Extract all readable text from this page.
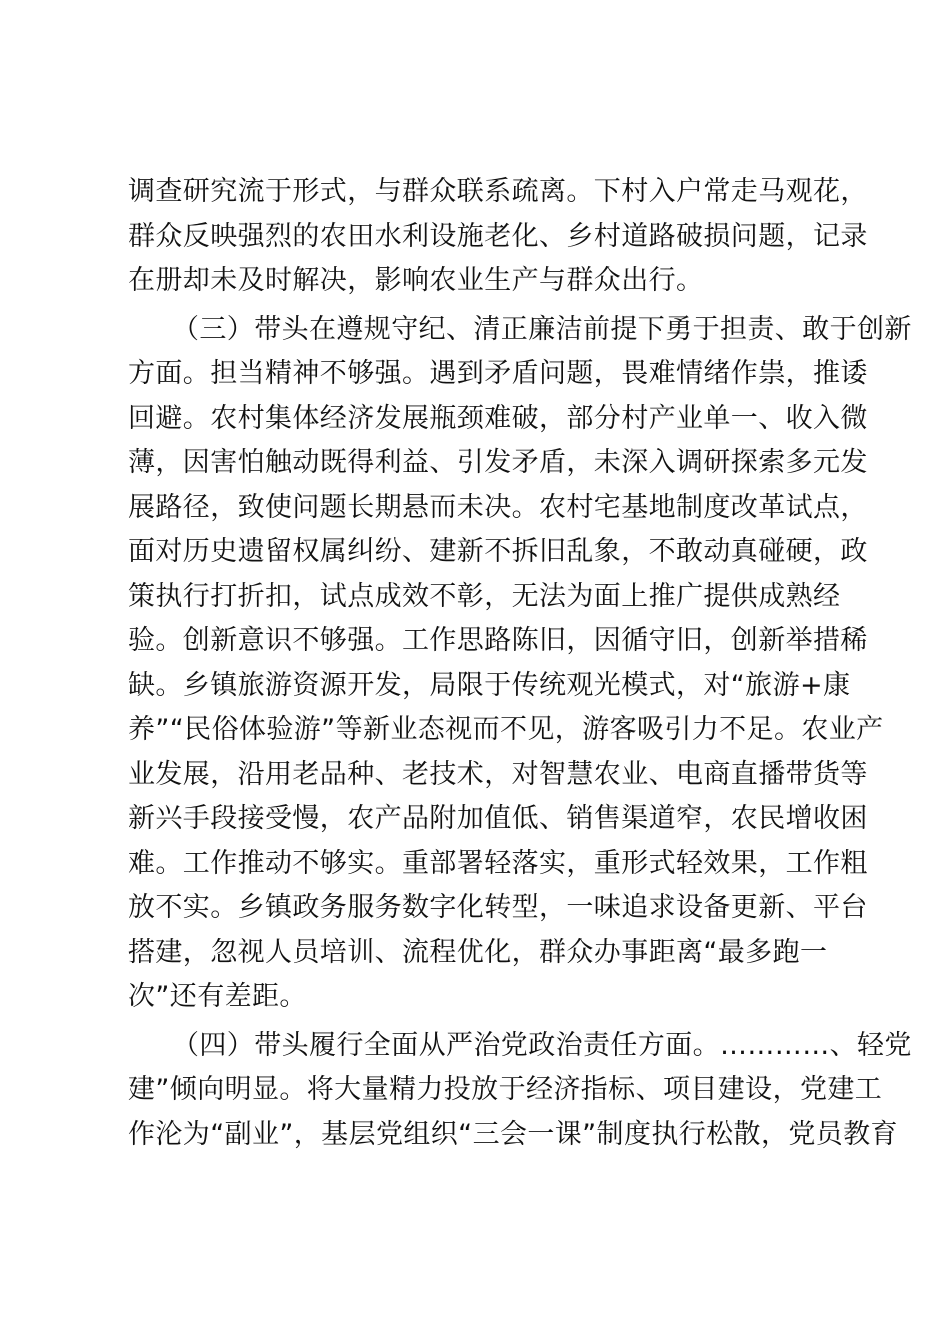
调查研究流于形式，与群众联系疏离。下村入户常走马观花，
群众反映强烈的农田水利设施老化、乡村道路破损问题，记录
在册却未及时解决，影响农业生产与群众出行。
（三）带头在遵规守纪、清正廉洁前提下勇于担责、敢于创新
方面。担当精神不够强。遇到矛盾问题，畏难情绪作祟，推诿
回避。农村集体经济发展瓶颈难破，部分村产业单一、收入微
薄，因害怕触动既得利益、引发矛盾，未深入调研探索多元发
展路径，致使问题长期悬而未决。农村宅基地制度改革试点，
面对历史遗留权属纠纷、建新不拆旧乱象，不敢动真碰硬，政
策执行打折扣，试点成效不彰，无法为面上推广提供成熟经
验。创新意识不够强。工作思路陈旧，因循守旧，创新举措稀
缺。乡镇旅游资源开发，局限于传统观光模式，对“旅游+康
养”“民俗体验游”等新业态视而不见，游客吸引力不足。农业产
业发展，沿用老品种、老技术，对智慧农业、电商直播带货等
新兴手段接受慢，农产品附加值低、销售渠道窄，农民增收困
难。工作推动不够实。重部署轻落实，重形式轻效果，工作粗
放不实。乡镇政务服务数字化转型，一味追求设备更新、平台
搭建，忽视人员培训、流程优化，群众办事距离“最多跑一
次”还有差距。
（四）带头履行全面从严治党政治责任方面。…………、轻党
建”倾向明显。将大量精力投放于经济指标、项目建设，党建工
作沦为“副业”，基层党组织“三会一课”制度执行松散，党员教育
